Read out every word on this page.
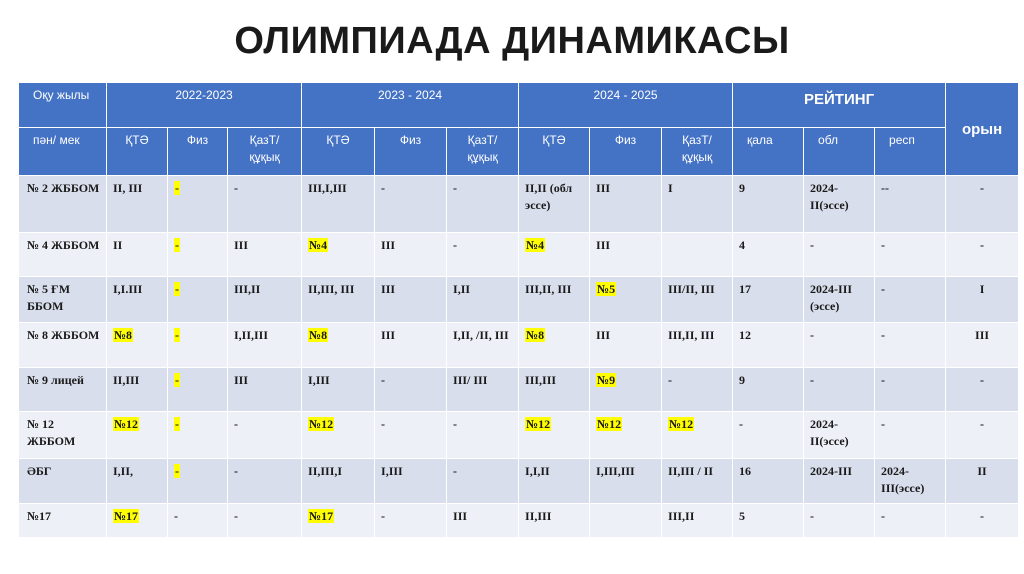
ОЛИМПИАДА ДИНАМИКАСЫ
Оқу жылы	2022-2023			2023 - 2024			2024 - 2025			РЕЙТИНГ			орын
пән/ мек	ҚТӘ	Физ	ҚазТ/ құқық	ҚТӘ	Физ	ҚазТ/ құқық	ҚТӘ	Физ	ҚазТ/ құқық	қала	обл	респ	
№ 2 ЖББОМ	II, III	-	-	III,I,III	-	-	II,II (обл эссе)	III	I	9	2024-II(эссе)	--	-
№ 4 ЖББОМ	II	-	III	№4	III	-	№4	III		4	-	-	-
№ 5 ҒМ ББОМ	I,I.III	-	III,II	II,III, III	III	I,II	III,II, III	№5	III/II, III	17	2024-III (эссе)	-	I
№ 8 ЖББОМ	№8	-	I,II,III	№8	III	I,II, /II, III	№8	III	III,II, III	12	-	-	III
№ 9 лицей	II,III	-	III	I,III	-	III/ III	III,III	№9	-	9	-	-	-
№ 12 ЖББОМ	№12	-	-	№12	-	-	№12	№12	№12	-	2024-II(эссе)	-	-
ӘБГ	I,II,	-	-	II,III,I	I,III	-	I,I,II	I,III,III	II,III / II	16	2024-III	2024-III(эссе)	II
№17	№17	-	-	№17	-	III	II,III		III,II	5	-	-	-
